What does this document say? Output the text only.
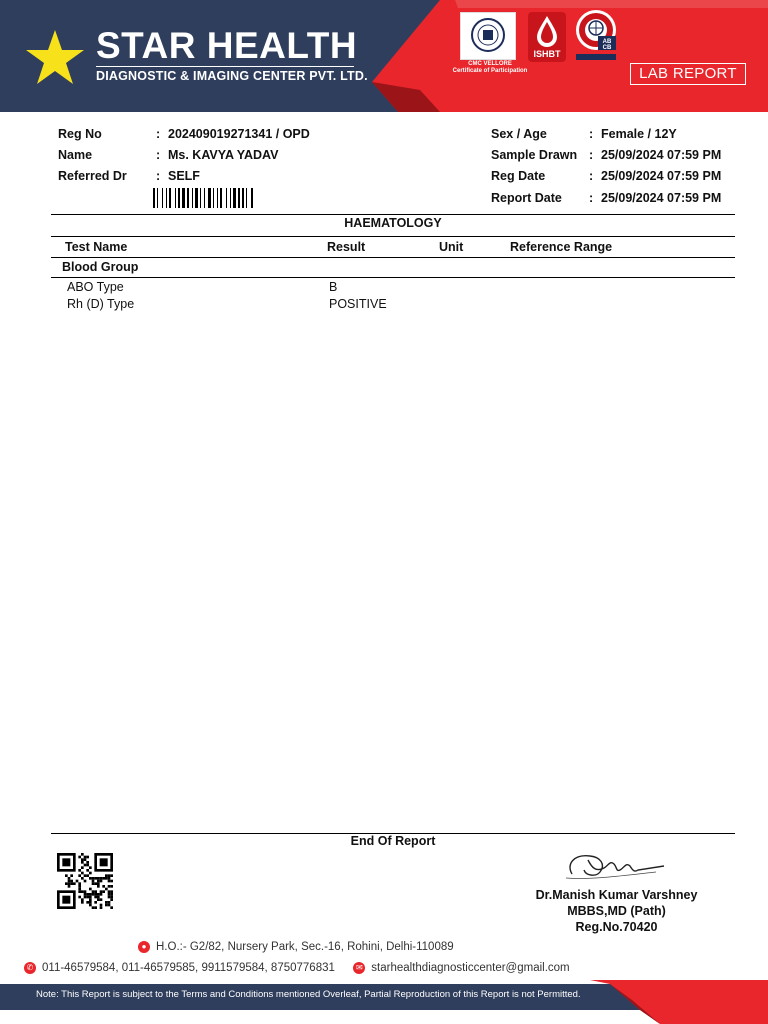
STAR HEALTH
DIAGNOSTIC & IMAGING CENTER PVT. LTD.
CMC VELLORE
Certificate of Participation
ISHBT
AB
CB
LAB REPORT
Reg No	: 202409019271341 / OPD
Name	: Ms. KAVYA YADAV
Referred Dr : SELF
Sex / Age	: Female / 12Y
Sample Drawn : 25/09/2024 07:59 PM
Reg Date	: 25/09/2024 07:59 PM
Report Date : 25/09/2024 07:59 PM
HAEMATOLOGY
Test Name	Result	Unit	Reference Range
Blood Group
ABO Type	B
Rh (D) Type	POSITIVE
End Of Report
Dr.Manish Kumar Varshney
MBBS,MD (Path)
Reg.No.70420
● H.O.:- G2/82, Nursery Park, Sec.-16, Rohini, Delhi-110089
✆ 011-46579584, 011-46579585, 9911579584, 8750776831	✉ starhealthdiagnosticcenter@gmail.com
Note: This Report is subject to the Terms and Conditions mentioned Overleaf, Partial Reproduction of this Report is not Permitted.
